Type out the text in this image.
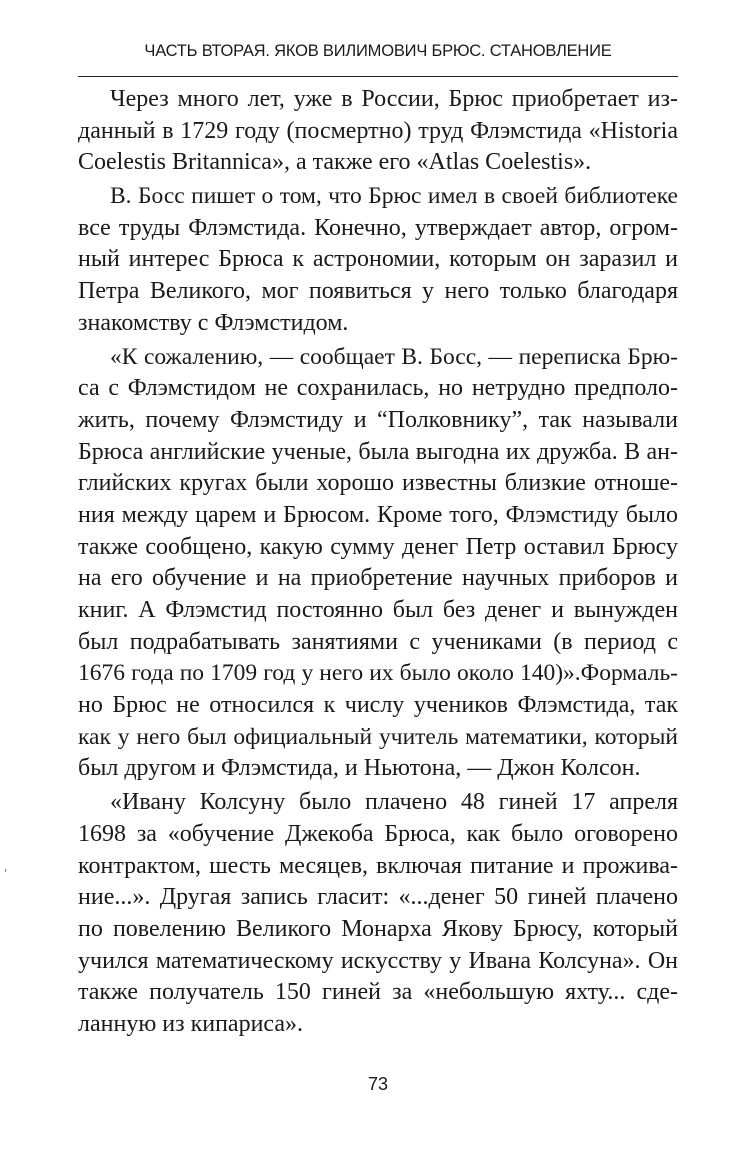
ЧАСТЬ ВТОРАЯ. ЯКОВ ВИЛИМОВИЧ БРЮС. СТАНОВЛЕНИЕ
Через много лет, уже в России, Брюс приобретает из-
данный в 1729 году (посмертно) труд Флэмстида «Historia
Coelestis Britannica», а также его «Atlas Coelestis».
В. Босс пишет о том, что Брюс имел в своей библиотеке
все труды Флэмстида. Конечно, утверждает автор, огром-
ный интерес Брюса к астрономии, которым он заразил и
Петра Великого, мог появиться у него только благодаря
знакомству с Флэмстидом.
«К сожалению, — сообщает В. Босс, — переписка Брю-
са с Флэмстидом не сохранилась, но нетрудно предполо-
жить, почему Флэмстиду и “Полковнику”, так называли
Брюса английские ученые, была выгодна их дружба. В ан-
глийских кругах были хорошо известны близкие отноше-
ния между царем и Брюсом. Кроме того, Флэмстиду было
также сообщено, какую сумму денег Петр оставил Брюсу
на его обучение и на приобретение научных приборов и
книг. А Флэмстид постоянно был без денег и вынужден
был подрабатывать занятиями с учениками (в период с
1676 года по 1709 год у него их было около 140)».Формаль-
но Брюс не относился к числу учеников Флэмстида, так
как у него был официальный учитель математики, который
был другом и Флэмстида, и Ньютона, — Джон Колсон.
«Ивану Колсуну было плачено 48 гиней 17 апреля
1698 за «обучение Джекоба Брюса, как было оговорено
контрактом, шесть месяцев, включая питание и прожива-
ние...». Другая запись гласит: «...денег 50 гиней плачено
по повелению Великого Монарха Якову Брюсу, который
учился математическому искусству у Ивана Колсуна». Он
также получатель 150 гиней за «небольшую яхту... сде-
ланную из кипариса».
ʹ
73
